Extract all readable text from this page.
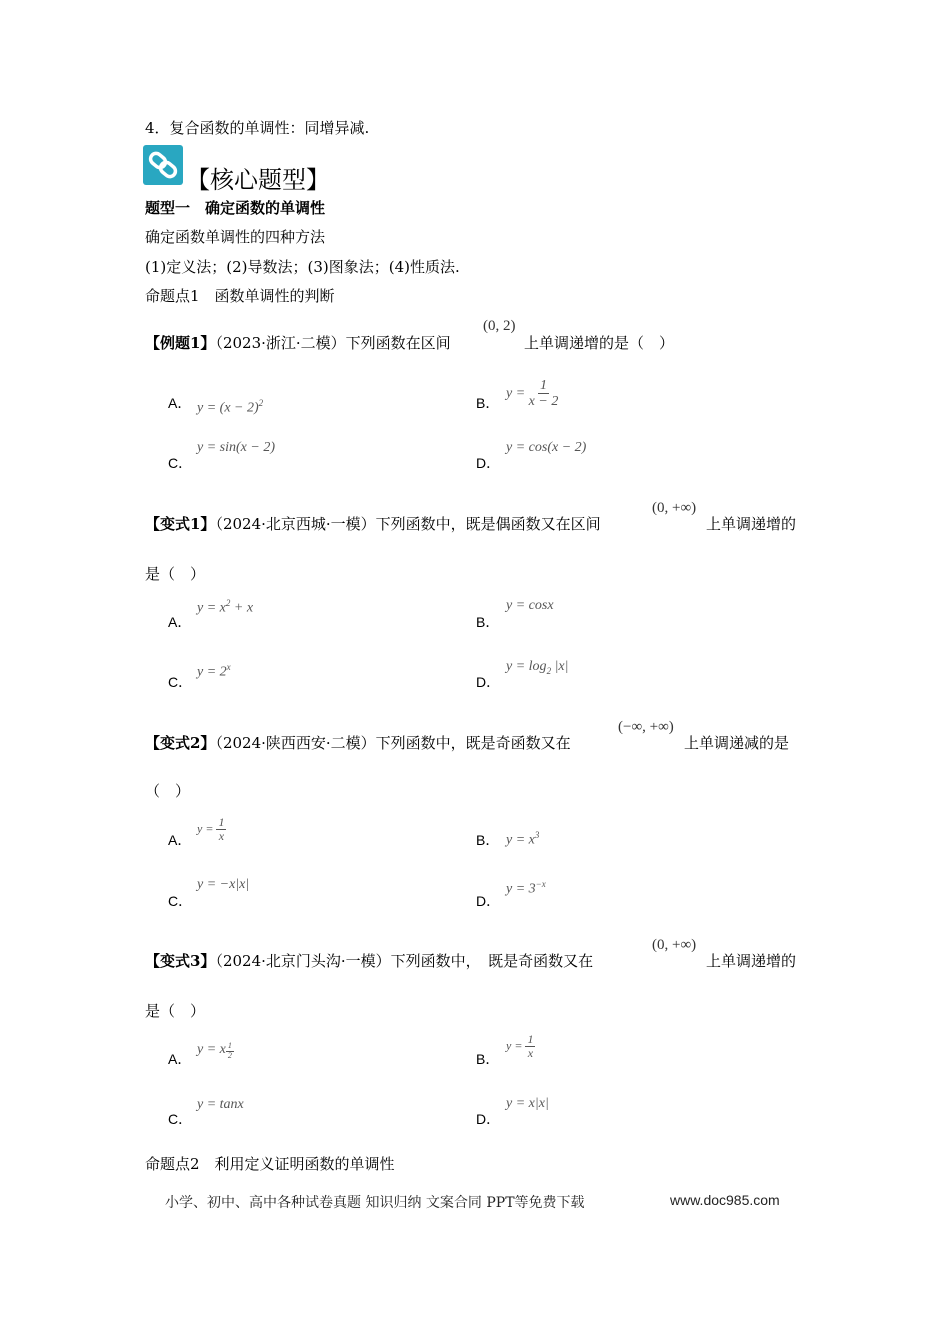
4．复合函数的单调性：同增异减.
【核心题型】
题型一　确定函数的单调性
确定函数单调性的四种方法
(1)定义法；(2)导数法；(3)图象法；(4)性质法.
命题点1　函数单调性的判断
【例题1】（2023·浙江·二模）下列函数在区间
(0, 2)
上单调递增的是（　）
A． $y = (x - 2)^2$	B．
$y = \frac{1}{x - 2}$
C．
y = sin(x − 2)
D．
y = cos(x − 2)
【变式1】（2024·北京西城·一模）下列函数中，既是偶函数又在区间
(0, +∞)
上单调递增的
是（　）
A．
$y = x^2 + x$
B．
y = cosx
C．
$y = 2^x$
D．
$y = \log_2 |x|$
【变式2】（2024·陕西西安·二模）下列函数中，既是奇函数又在
(−∞, +∞)
上单调递减的是
（　）
A．
$y = \frac{1}{x}$	B． $y = x^3$
C．
y = −x|x|
D．
$y = 3^{-x}$
【变式3】（2024·北京门头沟·一模）下列函数中，　既是奇函数又在
(0, +∞)
上单调递增的
是（　）
A．
y = x $\frac{1}{2}$	B．
$y = \frac{1}{x}$
C．
y = tanx
D．
y = x|x|
命题点2　利用定义证明函数的单调性
小学、初中、高中各种试卷真题 知识归纳 文案合同 PPT等免费下载	www.doc985.com
